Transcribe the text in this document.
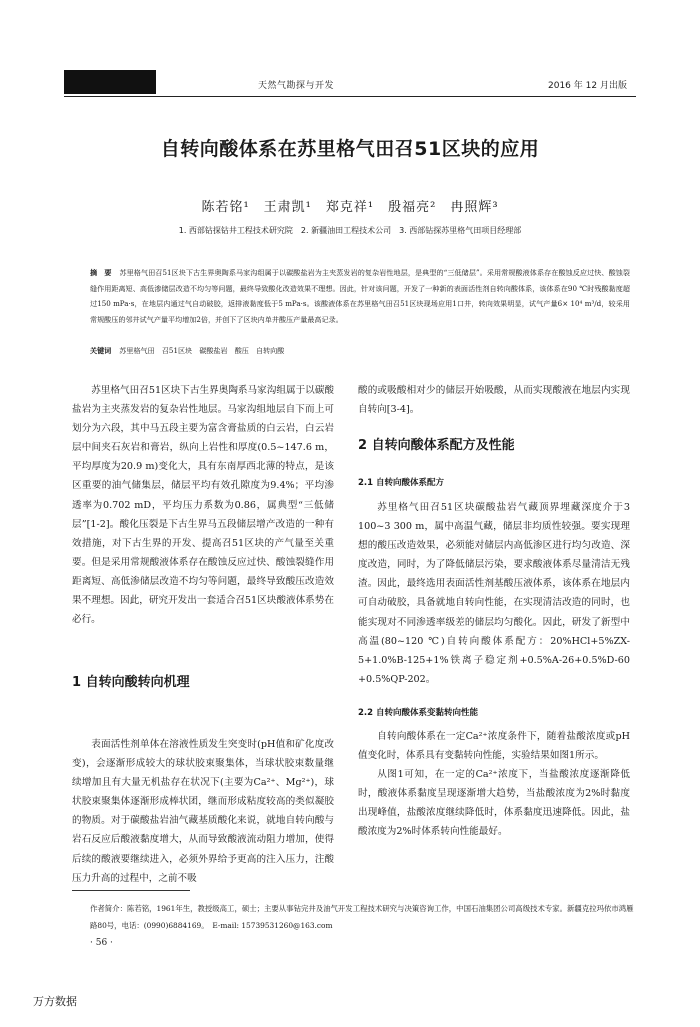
天然气勘探与开发	2016 年 12 月出版
自转向酸体系在苏里格气田召51区块的应用
陈若铭¹　王肃凯¹　郑克祥¹　殷福亮²　冉照辉³
1. 西部钻探钻井工程技术研究院　2. 新疆油田工程技术公司　3. 西部钻探苏里格气田项目经理部
摘　要 苏里格气田召51区块下古生界奥陶系马家沟组属于以碳酸盐岩为主夹蒸发岩的复杂岩性地层，是典型的“三低储层”。采用常规酸液体系存在酸蚀反应过快、酸蚀裂缝作用距离短、高低渗储层改造不均匀等问题，最终导致酸化改造效果不理想。因此，针对该问题，开发了一种新的表面活性剂自转向酸体系，该体系在90 ℃时残酸黏度超过150 mPa·s，在地层内通过气自动破胶，返排液黏度低于5 mPa·s。该酸液体系在苏里格气田召51区块现场应用1口井，转向效果明显，试气产量6× 10⁴ m³/d，较采用常规酸压的邻井试气产量平均增加2倍，并创下了区块内单井酸压产量最高记录。
关键词 苏里格气田　召51区块　碳酸盐岩　酸压　自转向酸

苏里格气田召51区块下古生界奥陶系马家沟组属于以碳酸盐岩为主夹蒸发岩的复杂岩性地层。马家沟组地层自下而上可划分为六段，其中马五段主要为富含膏盐质的白云岩，白云岩层中间夹石灰岩和膏岩，纵向上岩性和厚度(0.5~147.6 m，平均厚度为20.9 m)变化大，具有东南厚西北薄的特点，是该区重要的油气储集层，储层平均有效孔隙度为9.4%；平均渗透率为0.702 mD，平均压力系数为0.86，属典型“三低储层”[1-2]。酸化压裂是下古生界马五段储层增产改造的一种有效措施，对下古生界的开发、提高召51区块的产气量至关重要。但是采用常规酸液体系存在酸蚀反应过快、酸蚀裂缝作用距离短、高低渗储层改造不均匀等问题，最终导致酸压改造效果不理想。因此，研究开发出一套适合召51区块酸液体系势在必行。

1 自转向酸转向机理

表面活性剂单体在溶液性质发生突变时(pH值和矿化度改变)，会逐渐形成较大的球状胶束聚集体，当球状胶束数量继续增加且有大量无机盐存在状况下(主要为Ca²⁺、Mg²⁺)，球状胶束聚集体逐渐形成棒状团，继而形成粘度较高的类似凝胶的物质。对于碳酸盐岩油气藏基质酸化来说，就地自转向酸与岩石反应后酸液黏度增大，从而导致酸液流动阻力增加，使得后续的酸液要继续进入，必须外界给予更高的注入压力，注酸压力升高的过程中，之前不吸

酸的或吸酸相对少的储层开始吸酸，从而实现酸液在地层内实现自转向[3-4]。

2 自转向酸体系配方及性能
2.1 自转向酸体系配方

苏里格气田召51区块碳酸盐岩气藏顶界埋藏深度介于3 100~3 300 m，属中高温气藏，储层非均质性较强。要实现理想的酸压改造效果，必须能对储层内高低渗区进行均匀改造、深度改造，同时，为了降低储层污染，要求酸液体系尽量清洁无残渣。因此，最终选用表面活性剂基酸压液体系，该体系在地层内可自动破胶，具备就地自转向性能，在实现清洁改造的同时，也能实现对不同渗透率级差的储层均匀酸化。因此，研发了新型中高温(80~120 ℃)自转向酸体系配方：20%HCl+5%ZX-5+1.0%B-125+1%铁离子稳定剂+0.5%A-26+0.5%D-60 +0.5%QP-202。

2.2 自转向酸体系变黏转向性能

自转向酸体系在一定Ca²⁺浓度条件下，随着盐酸浓度或pH值变化时，体系具有变黏转向性能，实验结果如图1所示。

从图1可知，在一定的Ca²⁺浓度下，当盐酸浓度逐渐降低时，酸液体系黏度呈现逐渐增大趋势，当盐酸浓度为2%时黏度出现峰值，盐酸浓度继续降低时，体系黏度迅速降低。因此，盐酸浓度为2%时体系转向性能最好。

作者简介：陈若铭，1961年生，教授级高工，硕士；主要从事钻完井及油气开发工程技术研究与决策咨询工作，中国石油集团公司高级技术专家。新疆克拉玛依市鸿雁路80号，电话：(0990)6884169。　E-mail: 15739531260@163.com
· 56 ·
万方数据
